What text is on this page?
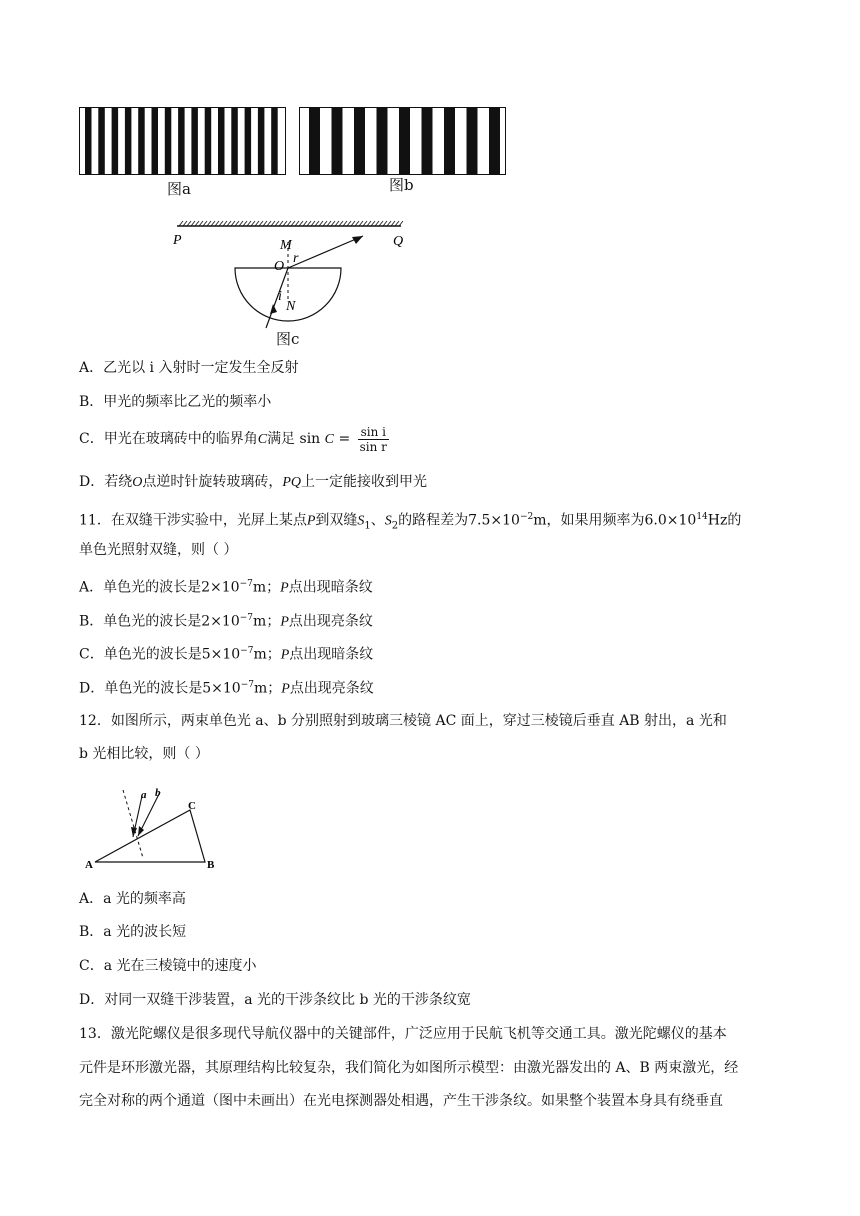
图a	图b
P	Q
M
O
r
i
N
图c
A．乙光以 i 入射时一定发生全反射
B．甲光的频率比乙光的频率小
C．甲光在玻璃砖中的临界角C满足 $\sin C = \frac{\text{sin i}}{\text{sin r}}$
D．若绕O点逆时针旋转玻璃砖，PQ上一定能接收到甲光
11．在双缝干涉实验中，光屏上某点P到双缝$S_1$、$S_2$的路程差为$7.5\times 10^{-2}m$，如果用频率为$6.0\times 10^{14}Hz$的
单色光照射双缝，则（ ）
A．单色光的波长是$2\times 10^{-7}m$；P点出现暗条纹
B．单色光的波长是$2\times 10^{-7}m$；P点出现亮条纹
C．单色光的波长是$5\times 10^{-7}m$；P点出现暗条纹
D．单色光的波长是$5\times 10^{-7}m$；P点出现亮条纹
12．如图所示，两束单色光 a、b 分别照射到玻璃三棱镜 AC 面上，穿过三棱镜后垂直 AB 射出，a 光和
b 光相比较，则（ ）
a b
A	B
C
A．a 光的频率高
B．a 光的波长短
C．a 光在三棱镜中的速度小
D．对同一双缝干涉装置，a 光的干涉条纹比 b 光的干涉条纹宽
13．激光陀螺仪是很多现代导航仪器中的关键部件，广泛应用于民航飞机等交通工具。激光陀螺仪的基本
元件是环形激光器，其原理结构比较复杂，我们简化为如图所示模型：由激光器发出的 A、B 两束激光，经
完全对称的两个通道（图中未画出）在光电探测器处相遇，产生干涉条纹。如果整个装置本身具有绕垂直
